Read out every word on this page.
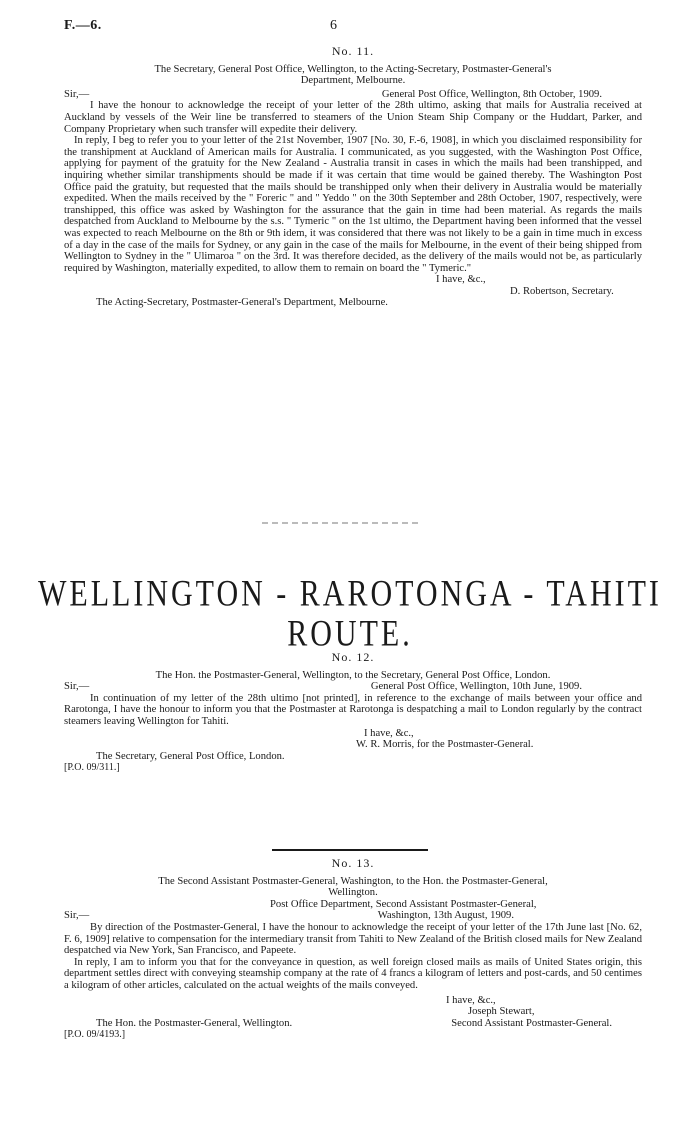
F.—6.	6
No. 11.
The Secretary, General Post Office, Wellington, to the Acting-Secretary, Postmaster-General's
Department, Melbourne.
Sir,—	General Post Office, Wellington, 8th October, 1909.

I have the honour to acknowledge the receipt of your letter of the 28th ultimo, asking that mails for Australia received at Auckland by vessels of the Weir line be transferred to steamers of the Union Steam Ship Company or the Huddart, Parker, and Company Proprietary when such transfer will expedite their delivery.

In reply, I beg to refer you to your letter of the 21st November, 1907 [No. 30, F.-6, 1908], in which you disclaimed responsibility for the transhipment at Auckland of American mails for Australia. I communicated, as you suggested, with the Washington Post Office, applying for payment of the gratuity for the New Zealand - Australia transit in cases in which the mails had been transhipped, and inquiring whether similar transhipments should be made if it was certain that time would be gained thereby. The Washington Post Office paid the gratuity, but requested that the mails should be transhipped only when their delivery in Australia would be materially expedited. When the mails received by the " Foreric " and " Yeddo " on the 30th September and 28th October, 1907, respectively, were transhipped, this office was asked by Washington for the assurance that the gain in time had been material. As regards the mails despatched from Auckland to Melbourne by the s.s. " Tymeric " on the 1st ultimo, the Department having been informed that the vessel was expected to reach Melbourne on the 8th or 9th idem, it was considered that there was not likely to be a gain in time much in excess of a day in the case of the mails for Sydney, or any gain in the case of the mails for Melbourne, in the event of their being shipped from Wellington to Sydney in the " Ulimaroa " on the 3rd. It was therefore decided, as the delivery of the mails would not be, as particularly required by Washington, materially expedited, to allow them to remain on board the " Tymeric."

I have, &c.,
D. Robertson, Secretary.
The Acting-Secretary, Postmaster-General's Department, Melbourne.
WELLINGTON - RAROTONGA - TAHITI ROUTE.
No. 12.
The Hon. the Postmaster-General, Wellington, to the Secretary, General Post Office, London.
Sir,—	General Post Office, Wellington, 10th June, 1909.

In continuation of my letter of the 28th ultimo [not printed], in reference to the exchange of mails between your office and Rarotonga, I have the honour to inform you that the Postmaster at Rarotonga is despatching a mail to London regularly by the contract steamers leaving Wellington for Tahiti.

I have, &c.,
W. R. Morris, for the Postmaster-General.
The Secretary, General Post Office, London.
[P.O. 09/311.]
No. 13.
The Second Assistant Postmaster-General, Washington, to the Hon. the Postmaster-General,
Wellington.
Post Office Department, Second Assistant Postmaster-General,
Sir,—	Washington, 13th August, 1909.

By direction of the Postmaster-General, I have the honour to acknowledge the receipt of your letter of the 17th June last [No. 62, F. 6, 1909] relative to compensation for the intermediary transit from Tahiti to New Zealand of the British closed mails for New Zealand despatched via New York, San Francisco, and Papeete.

In reply, I am to inform you that for the conveyance in question, as well foreign closed mails as mails of United States origin, this department settles direct with conveying steamship company at the rate of 4 francs a kilogram of letters and post-cards, and 50 centimes a kilogram of other articles, calculated on the actual weights of the mails conveyed.

I have, &c.,
Joseph Stewart,
The Hon. the Postmaster-General, Wellington.	Second Assistant Postmaster-General.
[P.O. 09/4193.]
